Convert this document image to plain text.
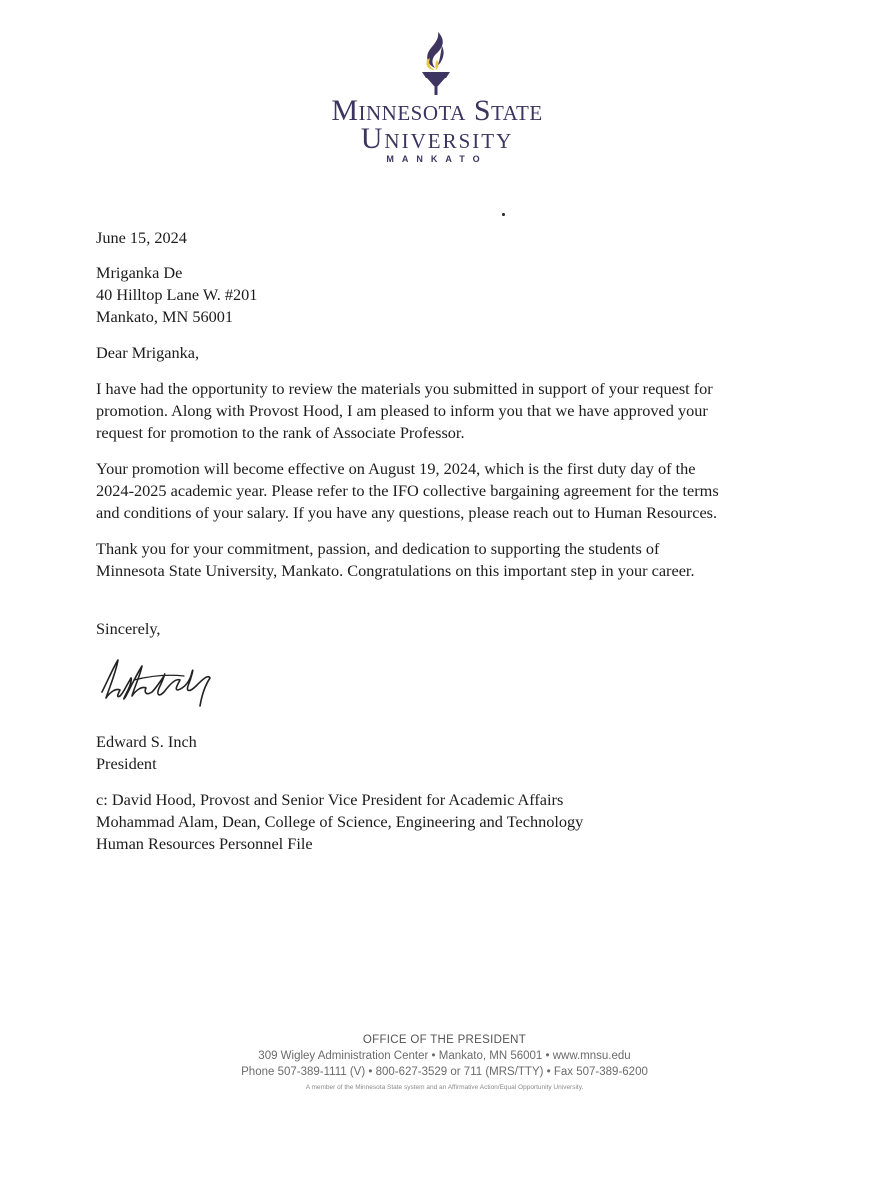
Minnesota State
University
MANKATO
June 15, 2024
Mriganka De
40 Hilltop Lane W. #201
Mankato, MN 56001
Dear Mriganka,
I have had the opportunity to review the materials you submitted in support of your request for
promotion. Along with Provost Hood, I am pleased to inform you that we have approved your
request for promotion to the rank of Associate Professor.
Your promotion will become effective on August 19, 2024, which is the first duty day of the
2024-2025 academic year. Please refer to the IFO collective bargaining agreement for the terms
and conditions of your salary. If you have any questions, please reach out to Human Resources.
Thank you for your commitment, passion, and dedication to supporting the students of
Minnesota State University, Mankato. Congratulations on this important step in your career.
Sincerely,
Edward S. Inch
President
c: David Hood, Provost and Senior Vice President for Academic Affairs
Mohammad Alam, Dean, College of Science, Engineering and Technology
Human Resources Personnel File
OFFICE OF THE PRESIDENT
309 Wigley Administration Center • Mankato, MN 56001 • www.mnsu.edu
Phone 507-389-1111 (V) • 800-627-3529 or 711 (MRS/TTY) • Fax 507-389-6200
A member of the Minnesota State system and an Affirmative Action/Equal Opportunity University.
